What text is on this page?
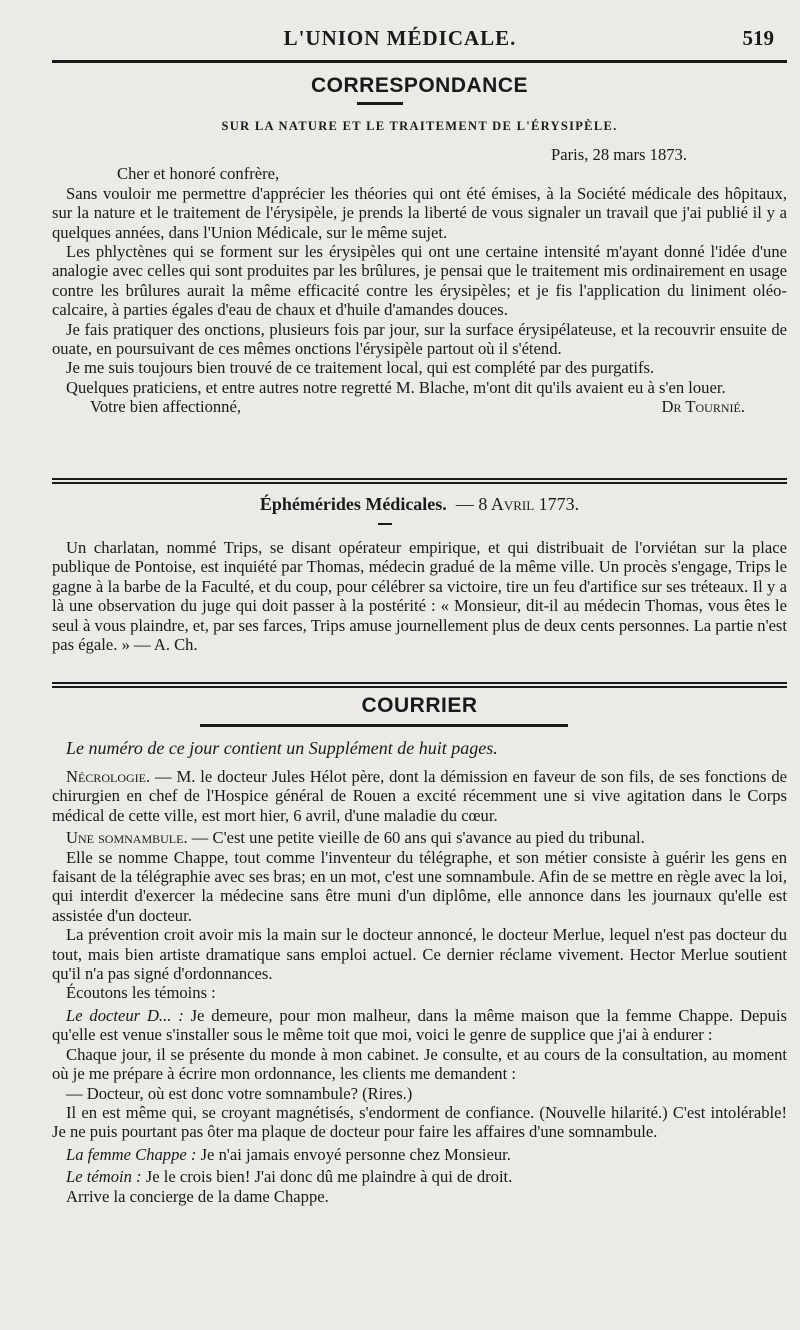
L'UNION MÉDICALE.	519
CORRESPONDANCE
SUR LA NATURE ET LE TRAITEMENT DE L'ÉRYSIPÈLE.
Paris, 28 mars 1873.

Cher et honoré confrère,

Sans vouloir me permettre d'apprécier les théories qui ont été émises, à la Société médicale des hôpitaux, sur la nature et le traitement de l'érysipèle, je prends la liberté de vous signaler un travail que j'ai publié il y a quelques années, dans l'Union Médicale, sur le même sujet.

Les phlyctènes qui se forment sur les érysipèles qui ont une certaine intensité m'ayant donné l'idée d'une analogie avec celles qui sont produites par les brûlures, je pensai que le traitement mis ordinairement en usage contre les brûlures aurait la même efficacité contre les érysipèles; et je fis l'application du liniment oléo-calcaire, à parties égales d'eau de chaux et d'huile d'amandes douces.

Je fais pratiquer des onctions, plusieurs fois par jour, sur la surface érysipélateuse, et la recouvrir ensuite de ouate, en poursuivant de ces mêmes onctions l'érysipèle partout où il s'étend.

Je me suis toujours bien trouvé de ce traitement local, qui est complété par des purgatifs.

Quelques praticiens, et entre autres notre regretté M. Blache, m'ont dit qu'ils avaient eu à s'en louer.

Votre bien affectionné,	Dr Tournié.
Éphémérides Médicales. — 8 Avril 1773.

Un charlatan, nommé Trips, se disant opérateur empirique, et qui distribuait de l'orviétan sur la place publique de Pontoise, est inquiété par Thomas, médecin gradué de la même ville. Un procès s'engage, Trips le gagne à la barbe de la Faculté, et du coup, pour célébrer sa victoire, tire un feu d'artifice sur ses tréteaux. Il y a là une observation du juge qui doit passer à la postérité : « Monsieur, dit-il au médecin Thomas, vous êtes le seul à vous plaindre, et, par ses farces, Trips amuse journellement plus de deux cents personnes. La partie n'est pas égale. » — A. Ch.

COURRIER
Le numéro de ce jour contient un Supplément de huit pages.

Nécrologie. — M. le docteur Jules Hélot père, dont la démission en faveur de son fils, de ses fonctions de chirurgien en chef de l'Hospice général de Rouen a excité récemment une si vive agitation dans le Corps médical de cette ville, est mort hier, 6 avril, d'une maladie du cœur.

Une somnambule. — C'est une petite vieille de 60 ans qui s'avance au pied du tribunal.

Elle se nomme Chappe, tout comme l'inventeur du télégraphe, et son métier consiste à guérir les gens en faisant de la télégraphie avec ses bras; en un mot, c'est une somnambule. Afin de se mettre en règle avec la loi, qui interdit d'exercer la médecine sans être muni d'un diplôme, elle annonce dans les journaux qu'elle est assistée d'un docteur.

La prévention croit avoir mis la main sur le docteur annoncé, le docteur Merlue, lequel n'est pas docteur du tout, mais bien artiste dramatique sans emploi actuel. Ce dernier réclame vivement. Hector Merlue soutient qu'il n'a pas signé d'ordonnances.

Écoutons les témoins :

Le docteur D... : Je demeure, pour mon malheur, dans la même maison que la femme Chappe. Depuis qu'elle est venue s'installer sous le même toit que moi, voici le genre de supplice que j'ai à endurer :

Chaque jour, il se présente du monde à mon cabinet. Je consulte, et au cours de la consultation, au moment où je me prépare à écrire mon ordonnance, les clients me demandent :

— Docteur, où est donc votre somnambule? (Rires.)

Il en est même qui, se croyant magnétisés, s'endorment de confiance. (Nouvelle hilarité.) C'est intolérable! Je ne puis pourtant pas ôter ma plaque de docteur pour faire les affaires d'une somnambule.

La femme Chappe : Je n'ai jamais envoyé personne chez Monsieur.

Le témoin : Je le crois bien! J'ai donc dû me plaindre à qui de droit.

Arrive la concierge de la dame Chappe.
